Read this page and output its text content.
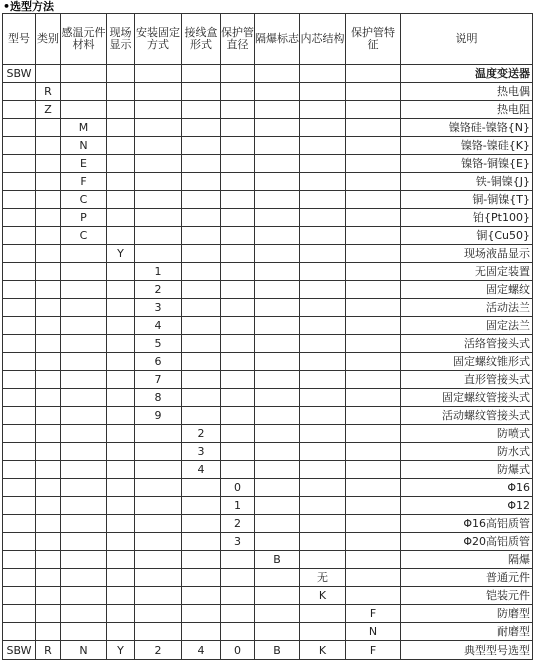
•选型方法
型号	类别	感温元件材料	现场显示	安装固定方式	接线盒形式	保护管直径	隔爆标志	内芯结构	保护管特征	说明
SBW										温度变送器
	R									热电偶
	Z									热电阻
		M								镍铬硅-镍铬{N}
		N								镍铬-镍硅{K}
		E								镍铬-铜镍{E}
		F								铁-铜镍{J}
		C								铜-铜镍{T}
		P								铂{Pt100}
		C								铜{Cu50}
			Y							现场液晶显示
				1						无固定装置
				2						固定螺纹
				3						活动法兰
				4						固定法兰
				5						活络管接头式
				6						固定螺纹锥形式
				7						直形管接头式
				8						固定螺纹管接头式
				9						活动螺纹管接头式
					2					防喷式
					3					防水式
					4					防爆式
						0				Φ16
						1				Φ12
						2				Φ16高铝质管
						3				Φ20高铝质管
							B			隔爆
								无		普通元件
								K		铠装元件
									F	防磨型
									N	耐磨型
SBW	R	N	Y	2	4	0	B	K	F	典型型号选型
